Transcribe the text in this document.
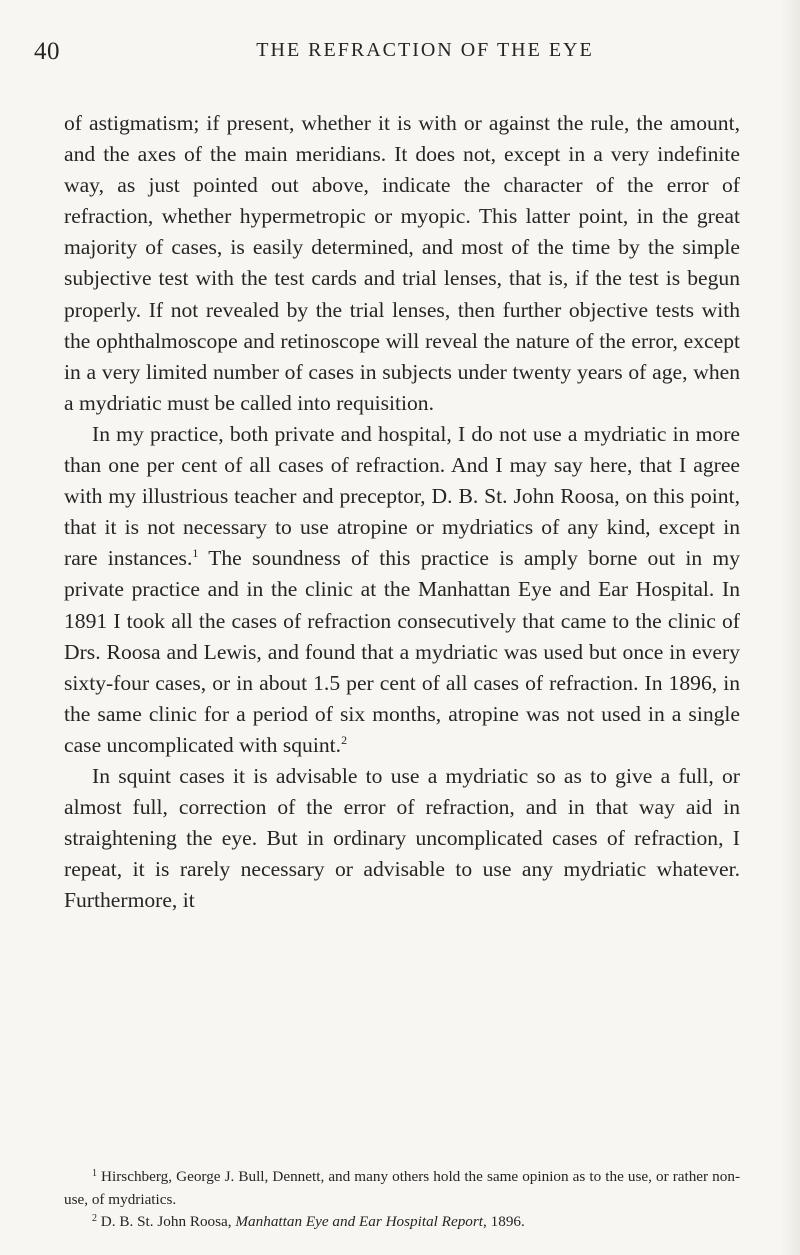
40	THE REFRACTION OF THE EYE

of astigmatism; if present, whether it is with or against the rule, the amount, and the axes of the main meridians. It does not, except in a very indefinite way, as just pointed out above, indicate the character of the error of refraction, whether hypermetropic or myopic. This latter point, in the great majority of cases, is easily determined, and most of the time by the simple subjective test with the test cards and trial lenses, that is, if the test is begun properly. If not revealed by the trial lenses, then further objective tests with the ophthalmoscope and retinoscope will reveal the nature of the error, except in a very limited number of cases in subjects under twenty years of age, when a mydriatic must be called into requisition.

In my practice, both private and hospital, I do not use a mydriatic in more than one per cent of all cases of refraction. And I may say here, that I agree with my illustrious teacher and preceptor, D. B. St. John Roosa, on this point, that it is not necessary to use atropine or mydriatics of any kind, except in rare instances.$^1$ The soundness of this practice is amply borne out in my private practice and in the clinic at the Manhattan Eye and Ear Hospital. In 1891 I took all the cases of refraction consecutively that came to the clinic of Drs. Roosa and Lewis, and found that a mydriatic was used but once in every sixty-four cases, or in about 1.5 per cent of all cases of refraction. In 1896, in the same clinic for a period of six months, atropine was not used in a single case uncomplicated with squint.$^2$

In squint cases it is advisable to use a mydriatic so as to give a full, or almost full, correction of the error of refraction, and in that way aid in straightening the eye. But in ordinary uncomplicated cases of refraction, I repeat, it is rarely necessary or advisable to use any mydriatic whatever. Furthermore, it

$^1$ Hirschberg, George J. Bull, Dennett, and many others hold the same opinion as to the use, or rather non-use, of mydriatics.

$^2$ D. B. St. John Roosa, Manhattan Eye and Ear Hospital Report, 1896.
